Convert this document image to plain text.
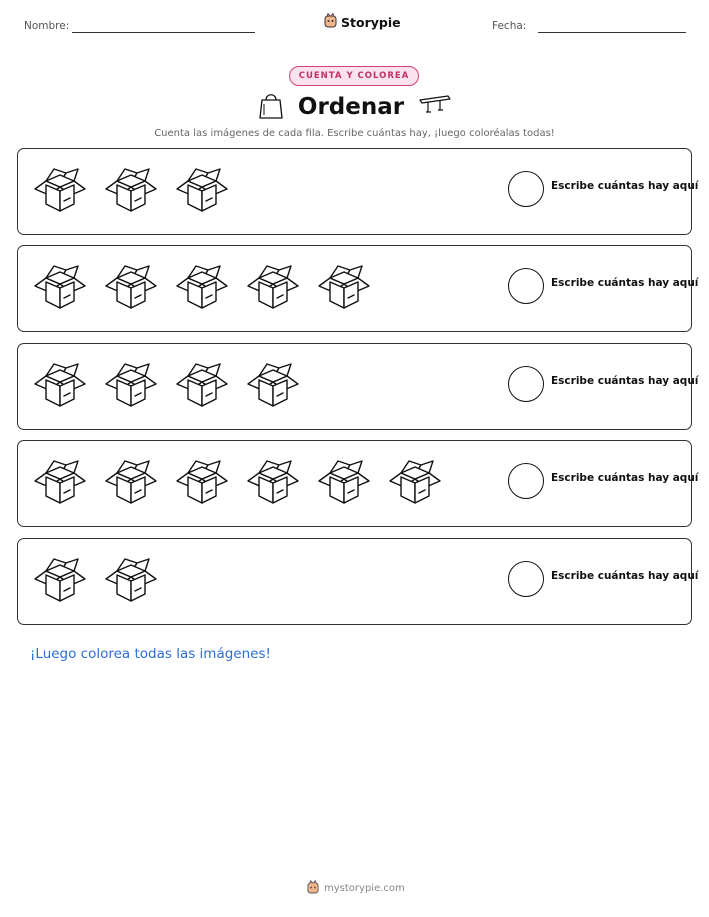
Nombre:	Storypie	Fecha:
CUENTA Y COLOREA
Ordenar
Cuenta las imágenes de cada fila. Escribe cuántas hay, ¡luego coloréalas todas!
Escribe cuántas hay aquí
Escribe cuántas hay aquí
Escribe cuántas hay aquí
Escribe cuántas hay aquí
Escribe cuántas hay aquí
¡Luego colorea todas las imágenes!
mystorypie.com
